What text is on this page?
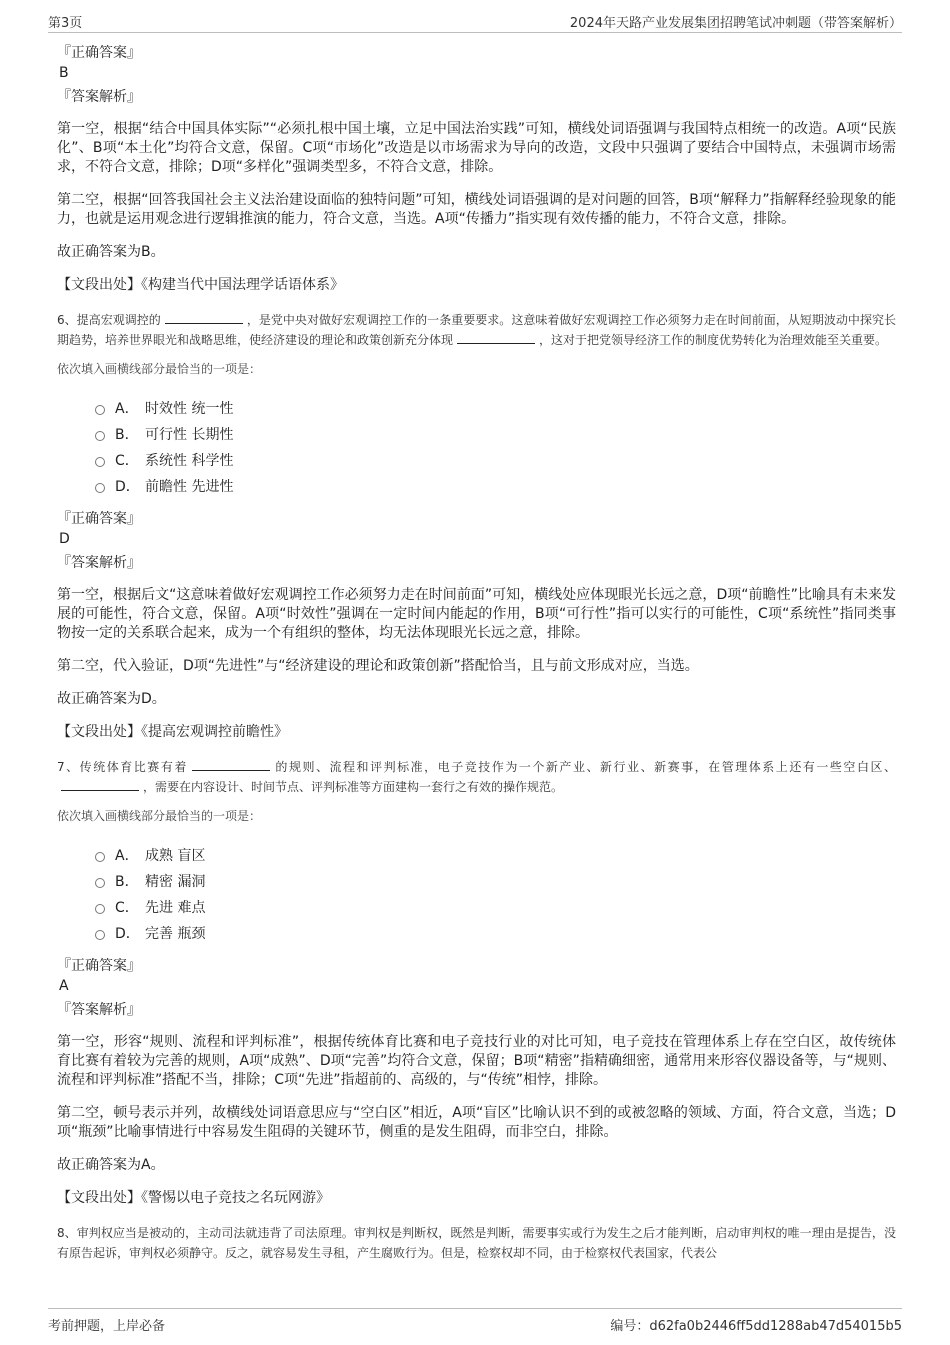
第3页	2024年天路产业发展集团招聘笔试冲刺题（带答案解析）
『正确答案』
B
『答案解析』

第一空，根据“结合中国具体实际”“必须扎根中国土壤，立足中国法治实践”可知，横线处词语强调与我国特点相统一的改造。A项“民族化”、B项“本土化”均符合文意，保留。C项“市场化”改造是以市场需求为导向的改造，文段中只强调了要结合中国特点，未强调市场需求，不符合文意，排除；D项“多样化”强调类型多，不符合文意，排除。

第二空，根据“回答我国社会主义法治建设面临的独特问题”可知，横线处词语强调的是对问题的回答，B项“解释力”指解释经验现象的能力，也就是运用观念进行逻辑推演的能力，符合文意，当选。A项“传播力”指实现有效传播的能力，不符合文意，排除。

故正确答案为B。

【文段出处】《构建当代中国法理学话语体系》

6、提高宏观调控的	，是党中央对做好宏观调控工作的一条重要要求。这意味着做好宏观调控工作必须努力走在时间前面，从短期波动中探究长期趋势，培养世界眼光和战略思维，使经济建设的理论和政策创新充分体现	，这对于把党领导经济工作的制度优势转化为治理效能至关重要。

依次填入画横线部分最恰当的一项是：

A． 时效性 统一性
B． 可行性 长期性
C． 系统性 科学性
D． 前瞻性 先进性
『正确答案』
D
『答案解析』

第一空，根据后文“这意味着做好宏观调控工作必须努力走在时间前面”可知，横线处应体现眼光长远之意，D项“前瞻性”比喻具有未来发展的可能性，符合文意，保留。A项“时效性”强调在一定时间内能起的作用，B项“可行性”指可以实行的可能性，C项“系统性”指同类事物按一定的关系联合起来，成为一个有组织的整体，均无法体现眼光长远之意，排除。

第二空，代入验证，D项“先进性”与“经济建设的理论和政策创新”搭配恰当，且与前文形成对应，当选。

故正确答案为D。

【文段出处】《提高宏观调控前瞻性》

7、传统体育比赛有着	的规则、流程和评判标准，电子竞技作为一个新产业、新行业、新赛事，在管理体系上还有一些空白区、，需要在内容设计、时间节点、评判标准等方面建构一套行之有效的操作规范。

依次填入画横线部分最恰当的一项是：

A． 成熟 盲区
B． 精密 漏洞
C． 先进 难点
D． 完善 瓶颈
『正确答案』
A
『答案解析』

第一空，形容“规则、流程和评判标准”，根据传统体育比赛和电子竞技行业的对比可知，电子竞技在管理体系上存在空白区，故传统体育比赛有着较为完善的规则，A项“成熟”、D项“完善”均符合文意，保留；B项“精密”指精确细密，通常用来形容仪器设备等，与“规则、流程和评判标准”搭配不当，排除；C项“先进”指超前的、高级的，与“传统”相悖，排除。

第二空，顿号表示并列，故横线处词语意思应与“空白区”相近，A项“盲区”比喻认识不到的或被忽略的领域、方面，符合文意，当选；D项“瓶颈”比喻事情进行中容易发生阻碍的关键环节，侧重的是发生阻碍，而非空白，排除。

故正确答案为A。

【文段出处】《警惕以电子竞技之名玩网游》

8、审判权应当是被动的，主动司法就违背了司法原理。审判权是判断权，既然是判断，需要事实或行为发生之后才能判断，启动审判权的唯一理由是提告，没有原告起诉，审判权必须静守。反之，就容易发生寻租，产生腐败行为。但是，检察权却不同，由于检察权代表国家，代表公

考前押题，上岸必备	编号：d62fa0b2446ff5dd1288ab47d54015b5
